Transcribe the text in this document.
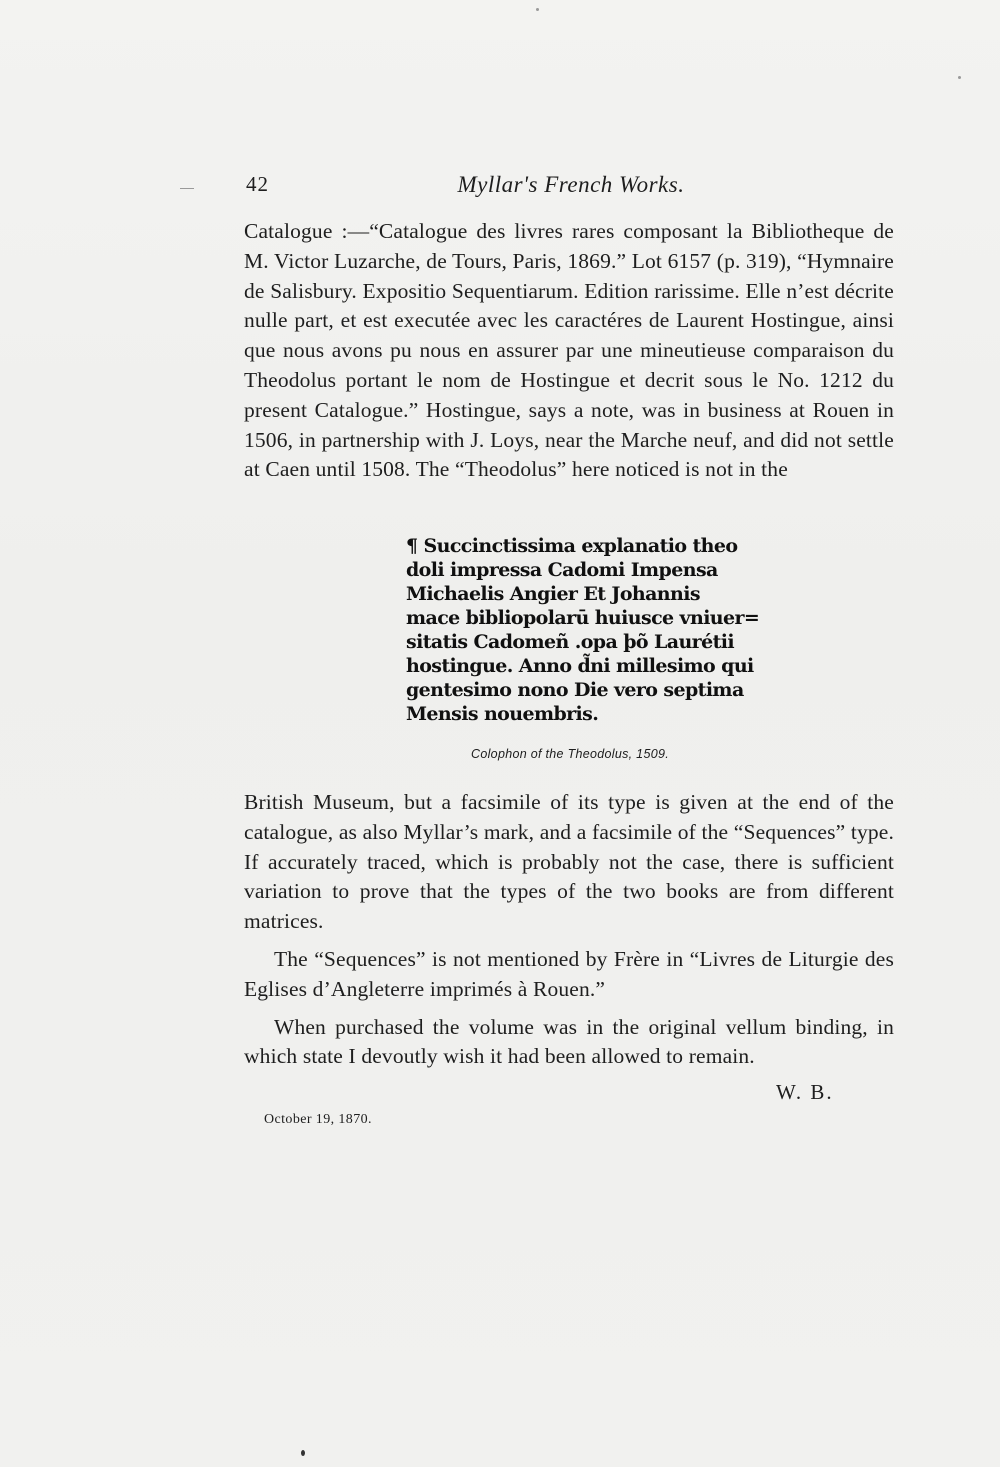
42	Myllar's French Works.

Catalogue :—“Catalogue des livres rares composant la Bibliotheque de M. Victor Luzarche, de Tours, Paris, 1869.” Lot 6157 (p. 319), “Hymnaire de Salisbury. Expositio Sequentiarum. Edition rarissime. Elle n’est décrite nulle part, et est executée avec les caractéres de Laurent Hostingue, ainsi que nous avons pu nous en assurer par une mineutieuse comparaison du Theodolus portant le nom de Hostingue et decrit sous le No. 1212 du present Catalogue.” Hostingue, says a note, was in business at Rouen in 1506, in partnership with J. Loys, near the Marche neuf, and did not settle at Caen until 1508. The “Theodolus” here noticed is not in the

¶ Succinctissima explanatio theo
doli impressa Cadomi Impensa
Michaelis Angier Et Johannis
mace bibliopolarū huiusce vniuer=
sitatis Cadomeñ .opa þõ Laurétii
hostingue. Anno d̃ni millesimo qui
gentesimo nono Die vero septima
Mensis nouembris.
Colophon of the Theodolus, 1509.

British Museum, but a facsimile of its type is given at the end of the catalogue, as also Myllar’s mark, and a facsimile of the “Sequences” type. If accurately traced, which is probably not the case, there is sufficient variation to prove that the types of the two books are from different matrices.

The “Sequences” is not mentioned by Frère in “Livres de Liturgie des Eglises d’Angleterre imprimés à Rouen.”

When purchased the volume was in the original vellum binding, in which state I devoutly wish it had been allowed to remain.

W. B.
October 19, 1870.
